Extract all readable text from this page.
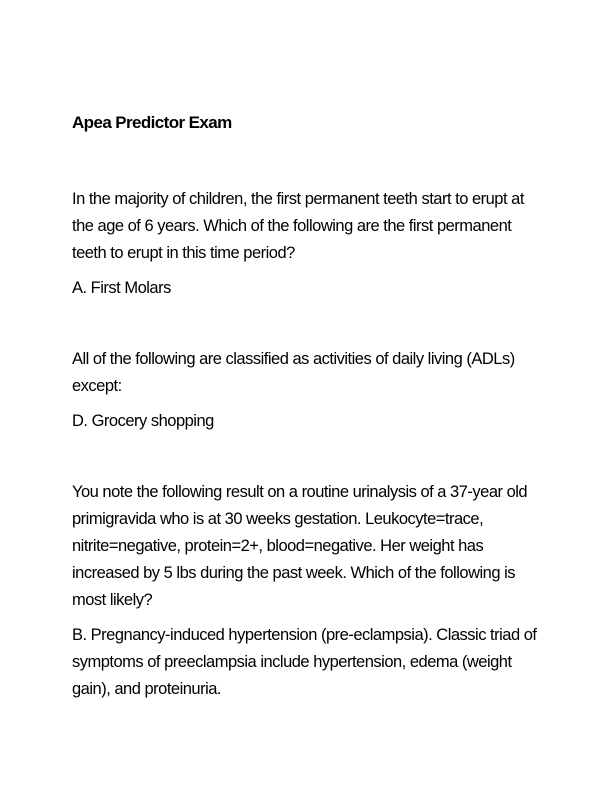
Apea Predictor Exam

In the majority of children, the first permanent teeth start to erupt at the age of 6 years. Which of the following are the first permanent teeth to erupt in this time period?

A. First Molars

All of the following are classified as activities of daily living (ADLs) except:

D. Grocery shopping

You note the following result on a routine urinalysis of a 37-year old primigravida who is at 30 weeks gestation. Leukocyte=trace, nitrite=negative, protein=2+, blood=negative. Her weight has increased by 5 lbs during the past week. Which of the following is most likely?

B. Pregnancy-induced hypertension (pre-eclampsia). Classic triad of symptoms of preeclampsia include hypertension, edema (weight gain), and proteinuria.
